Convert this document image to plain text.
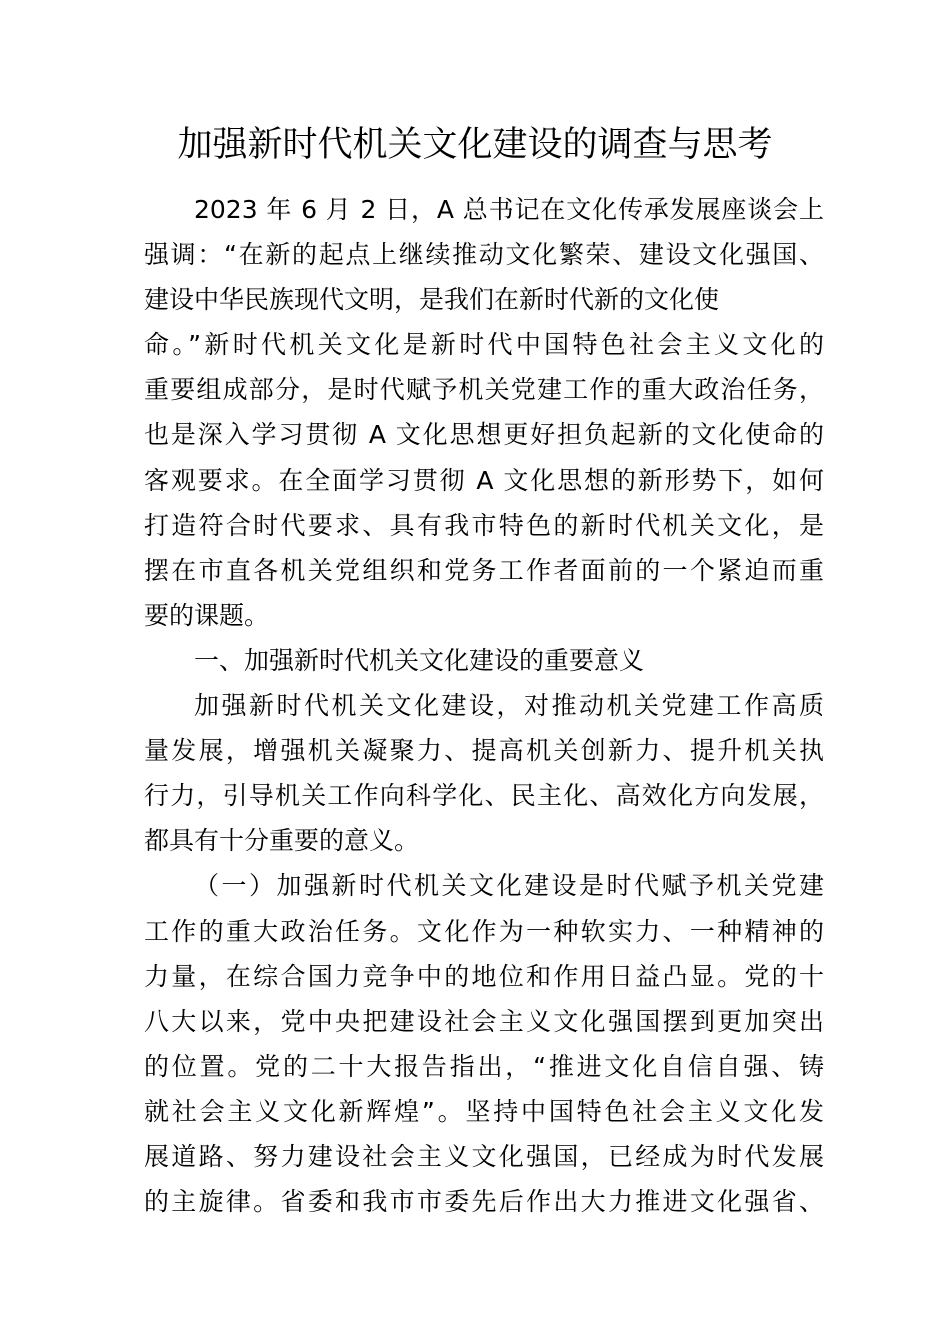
加强新时代机关文化建设的调查与思考
2023 年 6 月 2 日，A 总书记在文化传承发展座谈会上
强调：“在新的起点上继续推动文化繁荣、建设文化强国、
建设中华民族现代文明，是我们在新时代新的文化使
命。”新时代机关文化是新时代中国特色社会主义文化的
重要组成部分，是时代赋予机关党建工作的重大政治任务，
也是深入学习贯彻 A 文化思想更好担负起新的文化使命的
客观要求。在全面学习贯彻 A 文化思想的新形势下，如何
打造符合时代要求、具有我市特色的新时代机关文化，是
摆在市直各机关党组织和党务工作者面前的一个紧迫而重
要的课题。
一、加强新时代机关文化建设的重要意义
加强新时代机关文化建设，对推动机关党建工作高质
量发展，增强机关凝聚力、提高机关创新力、提升机关执
行力，引导机关工作向科学化、民主化、高效化方向发展，
都具有十分重要的意义。
（一）加强新时代机关文化建设是时代赋予机关党建
工作的重大政治任务。文化作为一种软实力、一种精神的
力量，在综合国力竞争中的地位和作用日益凸显。党的十
八大以来，党中央把建设社会主义文化强国摆到更加突出
的位置。党的二十大报告指出，“推进文化自信自强、铸
就社会主义文化新辉煌”。坚持中国特色社会主义文化发
展道路、努力建设社会主义文化强国，已经成为时代发展
的主旋律。省委和我市市委先后作出大力推进文化强省、
